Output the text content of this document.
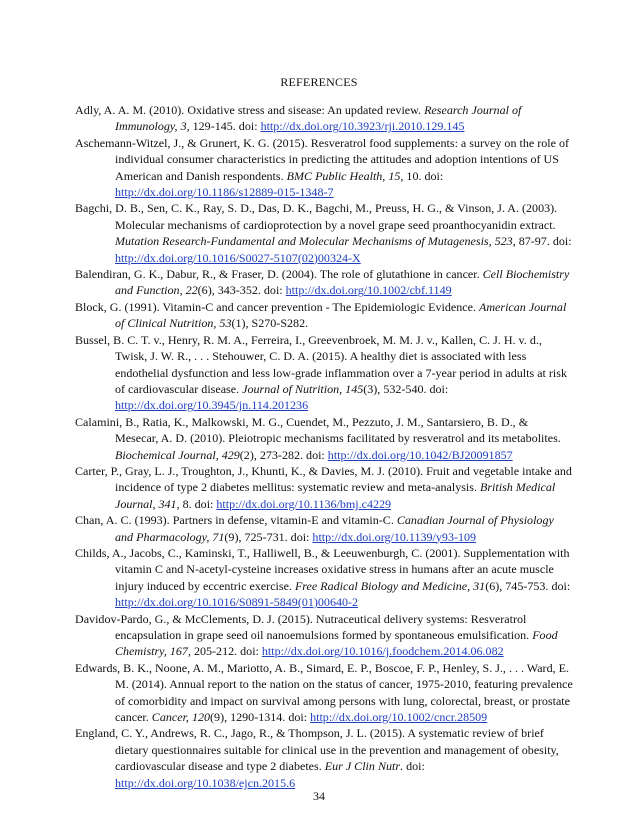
REFERENCES

Adly, A. A. M. (2010). Oxidative stress and sisease: An updated review. Research Journal of Immunology, 3, 129-145. doi: http://dx.doi.org/10.3923/rji.2010.129.145

Aschemann-Witzel, J., & Grunert, K. G. (2015). Resveratrol food supplements: a survey on the role of individual consumer characteristics in predicting the attitudes and adoption intentions of US American and Danish respondents. BMC Public Health, 15, 10. doi: http://dx.doi.org/10.1186/s12889-015-1348-7

Bagchi, D. B., Sen, C. K., Ray, S. D., Das, D. K., Bagchi, M., Preuss, H. G., & Vinson, J. A. (2003). Molecular mechanisms of cardioprotection by a novel grape seed proanthocyanidin extract. Mutation Research-Fundamental and Molecular Mechanisms of Mutagenesis, 523, 87-97. doi: http://dx.doi.org/10.1016/S0027-5107(02)00324-X

Balendiran, G. K., Dabur, R., & Fraser, D. (2004). The role of glutathione in cancer. Cell Biochemistry and Function, 22(6), 343-352. doi: http://dx.doi.org/10.1002/cbf.1149

Block, G. (1991). Vitamin-C and cancer prevention - The Epidemiologic Evidence. American Journal of Clinical Nutrition, 53(1), S270-S282.

Bussel, B. C. T. v., Henry, R. M. A., Ferreira, I., Greevenbroek, M. M. J. v., Kallen, C. J. H. v. d., Twisk, J. W. R., . . . Stehouwer, C. D. A. (2015). A healthy diet is associated with less endothelial dysfunction and less low-grade inflammation over a 7-year period in adults at risk of cardiovascular disease. Journal of Nutrition, 145(3), 532-540. doi: http://dx.doi.org/10.3945/jn.114.201236

Calamini, B., Ratia, K., Malkowski, M. G., Cuendet, M., Pezzuto, J. M., Santarsiero, B. D., & Mesecar, A. D. (2010). Pleiotropic mechanisms facilitated by resveratrol and its metabolites. Biochemical Journal, 429(2), 273-282. doi: http://dx.doi.org/10.1042/BJ20091857

Carter, P., Gray, L. J., Troughton, J., Khunti, K., & Davies, M. J. (2010). Fruit and vegetable intake and incidence of type 2 diabetes mellitus: systematic review and meta-analysis. British Medical Journal, 341, 8. doi: http://dx.doi.org/10.1136/bmj.c4229

Chan, A. C. (1993). Partners in defense, vitamin-E and vitamin-C. Canadian Journal of Physiology and Pharmacology, 71(9), 725-731. doi: http://dx.doi.org/10.1139/y93-109

Childs, A., Jacobs, C., Kaminski, T., Halliwell, B., & Leeuwenburgh, C. (2001). Supplementation with vitamin C and N-acetyl-cysteine increases oxidative stress in humans after an acute muscle injury induced by eccentric exercise. Free Radical Biology and Medicine, 31(6), 745-753. doi: http://dx.doi.org/10.1016/S0891-5849(01)00640-2

Davidov-Pardo, G., & McClements, D. J. (2015). Nutraceutical delivery systems: Resveratrol encapsulation in grape seed oil nanoemulsions formed by spontaneous emulsification. Food Chemistry, 167, 205-212. doi: http://dx.doi.org/10.1016/j.foodchem.2014.06.082

Edwards, B. K., Noone, A. M., Mariotto, A. B., Simard, E. P., Boscoe, F. P., Henley, S. J., . . . Ward, E. M. (2014). Annual report to the nation on the status of cancer, 1975-2010, featuring prevalence of comorbidity and impact on survival among persons with lung, colorectal, breast, or prostate cancer. Cancer, 120(9), 1290-1314. doi: http://dx.doi.org/10.1002/cncr.28509

England, C. Y., Andrews, R. C., Jago, R., & Thompson, J. L. (2015). A systematic review of brief dietary questionnaires suitable for clinical use in the prevention and management of obesity, cardiovascular disease and type 2 diabetes. Eur J Clin Nutr. doi: http://dx.doi.org/10.1038/ejcn.2015.6

34
